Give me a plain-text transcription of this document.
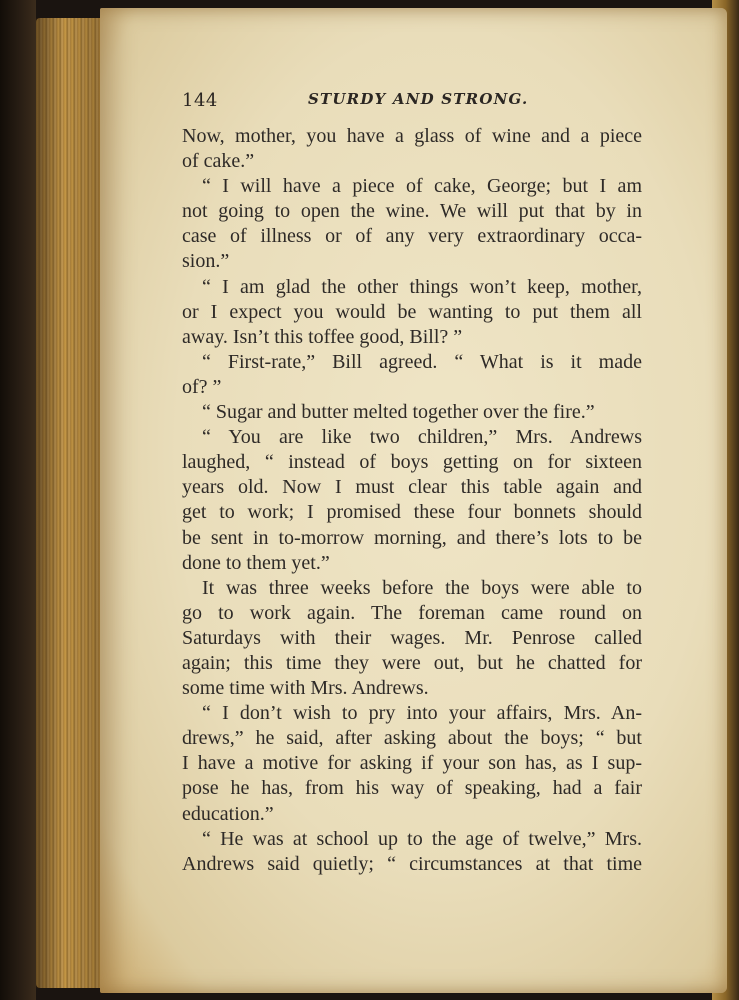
144	STURDY AND STRONG.
Now, mother, you have a glass of wine and a piece
of cake.”
“ I will have a piece of cake, George; but I am
not going to open the wine. We will put that by in
case of illness or of any very extraordinary occa-
sion.”
“ I am glad the other things won’t keep, mother,
or I expect you would be wanting to put them all
away. Isn’t this toffee good, Bill? ”
“ First-rate,” Bill agreed. “ What is it made
of? ”
“ Sugar and butter melted together over the fire.”
“ You are like two children,” Mrs. Andrews
laughed, “ instead of boys getting on for sixteen
years old. Now I must clear this table again and
get to work; I promised these four bonnets should
be sent in to-morrow morning, and there’s lots to be
done to them yet.”
It was three weeks before the boys were able to
go to work again. The foreman came round on
Saturdays with their wages. Mr. Penrose called
again; this time they were out, but he chatted for
some time with Mrs. Andrews.
“ I don’t wish to pry into your affairs, Mrs. An-
drews,” he said, after asking about the boys; “ but
I have a motive for asking if your son has, as I sup-
pose he has, from his way of speaking, had a fair
education.”
“ He was at school up to the age of twelve,” Mrs.
Andrews said quietly; “ circumstances at that time
